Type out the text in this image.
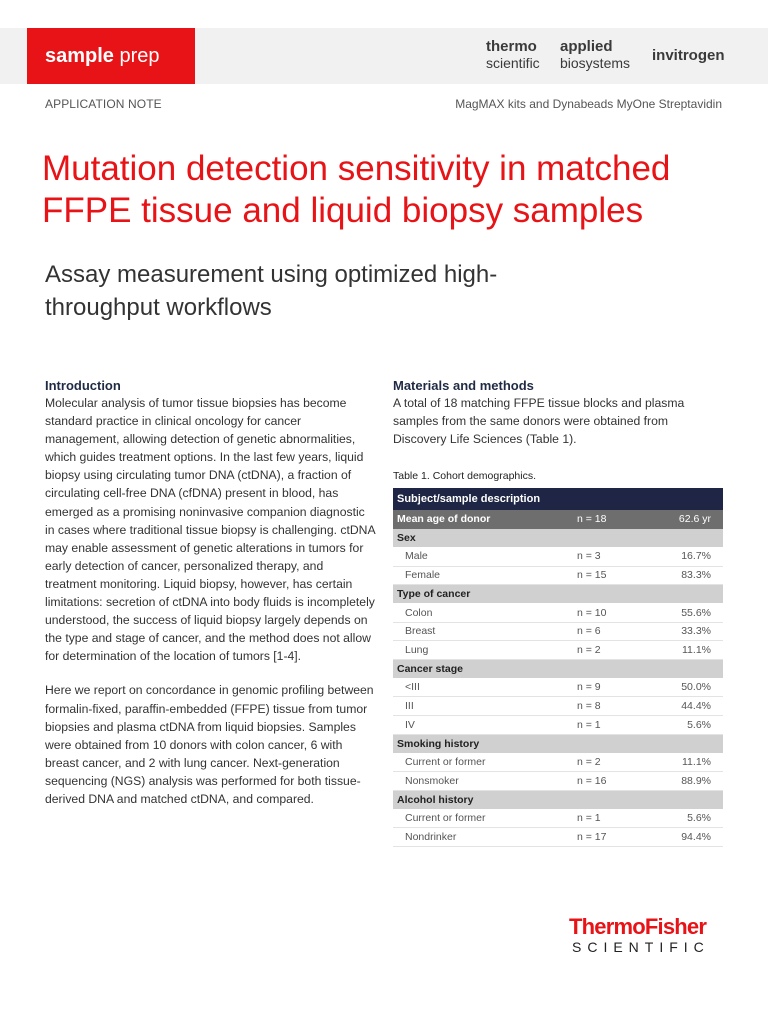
sample prep	thermo
scientific
applied
biosystems invitrogen
APPLICATION NOTE	MagMAX kits and Dynabeads MyOne Streptavidin
Mutation detection sensitivity in matched FFPE tissue and liquid biopsy samples
Assay measurement using optimized high-throughput workflows
Introduction

Molecular analysis of tumor tissue biopsies has become standard practice in clinical oncology for cancer management, allowing detection of genetic abnormalities, which guides treatment options. In the last few years, liquid biopsy using circulating tumor DNA (ctDNA), a fraction of circulating cell-free DNA (cfDNA) present in blood, has emerged as a promising noninvasive companion diagnostic in cases where traditional tissue biopsy is challenging. ctDNA may enable assessment of genetic alterations in tumors for early detection of cancer, personalized therapy, and treatment monitoring. Liquid biopsy, however, has certain limitations: secretion of ctDNA into body fluids is incompletely understood, the success of liquid biopsy largely depends on the type and stage of cancer, and the method does not allow for determination of the location of tumors [1-4].

Here we report on concordance in genomic profiling between formalin-fixed, paraffin-embedded (FFPE) tissue from tumor biopsies and plasma ctDNA from liquid biopsies. Samples were obtained from 10 donors with colon cancer, 6 with breast cancer, and 2 with lung cancer. Next-generation sequencing (NGS) analysis was performed for both tissue-derived DNA and matched ctDNA, and compared.

Materials and methods

A total of 18 matching FFPE tissue blocks and plasma samples from the same donors were obtained from Discovery Life Sciences (Table 1).

Table 1. Cohort demographics.
Subject/sample description		
Mean age of donor	n = 18	62.6 yr
Sex		
Male	n = 3	16.7%
Female	n = 15	83.3%
Type of cancer		
Colon	n = 10	55.6%
Breast	n = 6	33.3%
Lung	n = 2	11.1%
Cancer stage		
<III	n = 9	50.0%
III	n = 8	44.4%
IV	n = 1	5.6%
Smoking history		
Current or former	n = 2	11.1%
Nonsmoker	n = 16	88.9%
Alcohol history		
Current or former	n = 1	5.6%
Nondrinker	n = 17	94.4%
ThermoFisher
SCIENTIFIC
